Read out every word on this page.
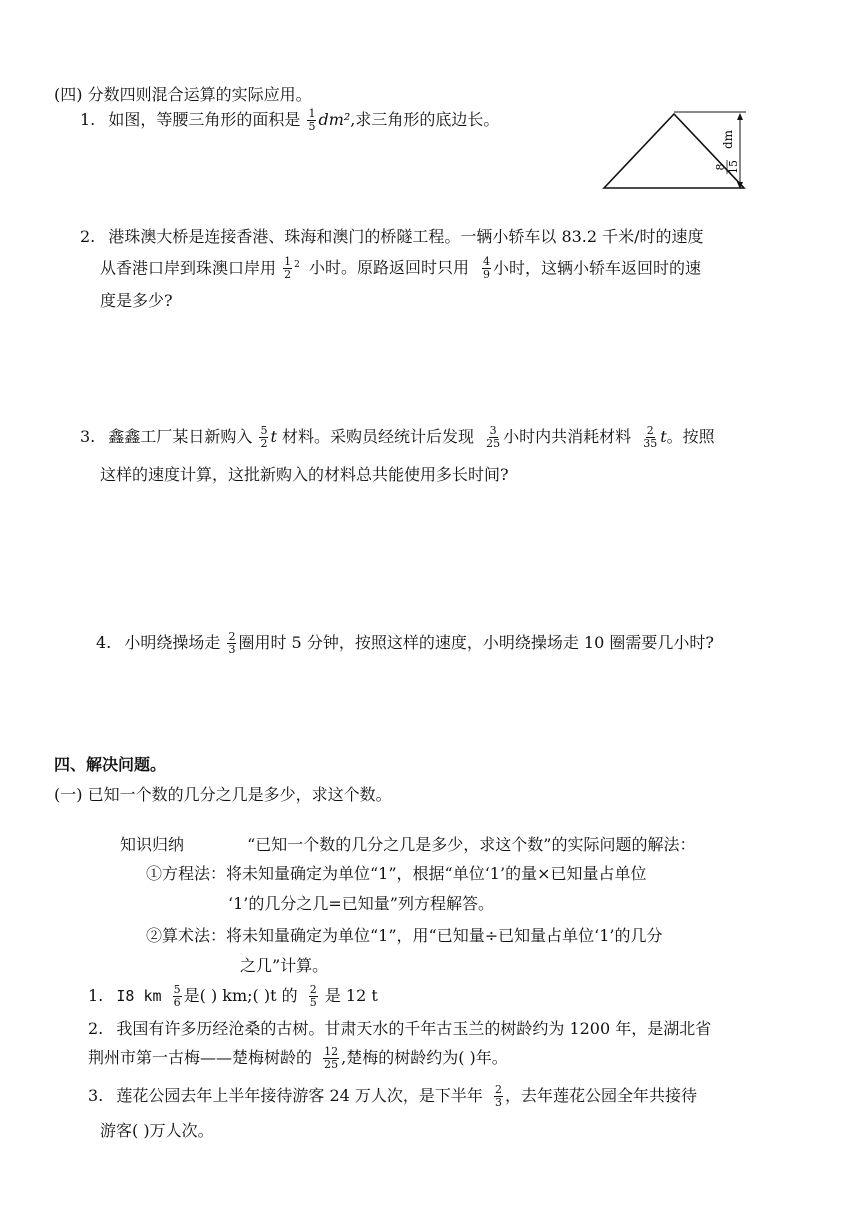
(四) 分数四则混合运算的实际应用。
1. 如图，等腰三角形的面积是 $\frac{1}{5} dm^2$,求三角形的底边长。
8 15
dm
2. 港珠澳大桥是连接香港、珠海和澳门的桥隧工程。一辆小轿车以 83.2 千米/时的速度
从香港口岸到珠澳口岸用 $\frac{1}{2} ^2$ 小时。原路返回时只用 $\frac{4}{9}$ 小时，这辆小轿车返回时的速
度是多少?
3. 鑫鑫工厂某日新购入 $\frac{5}{2}$ t 材料。采购员经统计后发现 $\frac{3}{25}$ 小时内共消耗材料 $\frac{2}{35}$ t。按照
这样的速度计算，这批新购入的材料总共能使用多长时间?
4. 小明绕操场走 $\frac{2}{3}$ 圈用时 5 分钟，按照这样的速度，小明绕操场走 10 圈需要几小时?
四、解决问题。
(一) 已知一个数的几分之几是多少，求这个数。
知识归纳	“已知一个数的几分之几是多少，求这个数”的实际问题的解法：
①方程法：将未知量确定为单位“1”，根据“单位‘1’的量×已知量占单位
‘1’的几分之几=已知量”列方程解答。
②算术法：将未知量确定为单位“1”，用“已知量÷已知量占单位‘1’的几分
之几”计算。
1. I8 km $\frac{5}{6}$ 是( ) km;( )t 的 $\frac{2}{5}$ 是 12 t
2. 我国有许多历经沧桑的古树。甘肃天水的千年古玉兰的树龄约为 1200 年，是湖北省
荆州市第一古梅——楚梅树龄的 $\frac{12}{25}$ ,楚梅的树龄约为( )年。
3. 莲花公园去年上半年接待游客 24 万人次，是下半年 $\frac{2}{3}$ ，去年莲花公园全年共接待
游客( )万人次。
